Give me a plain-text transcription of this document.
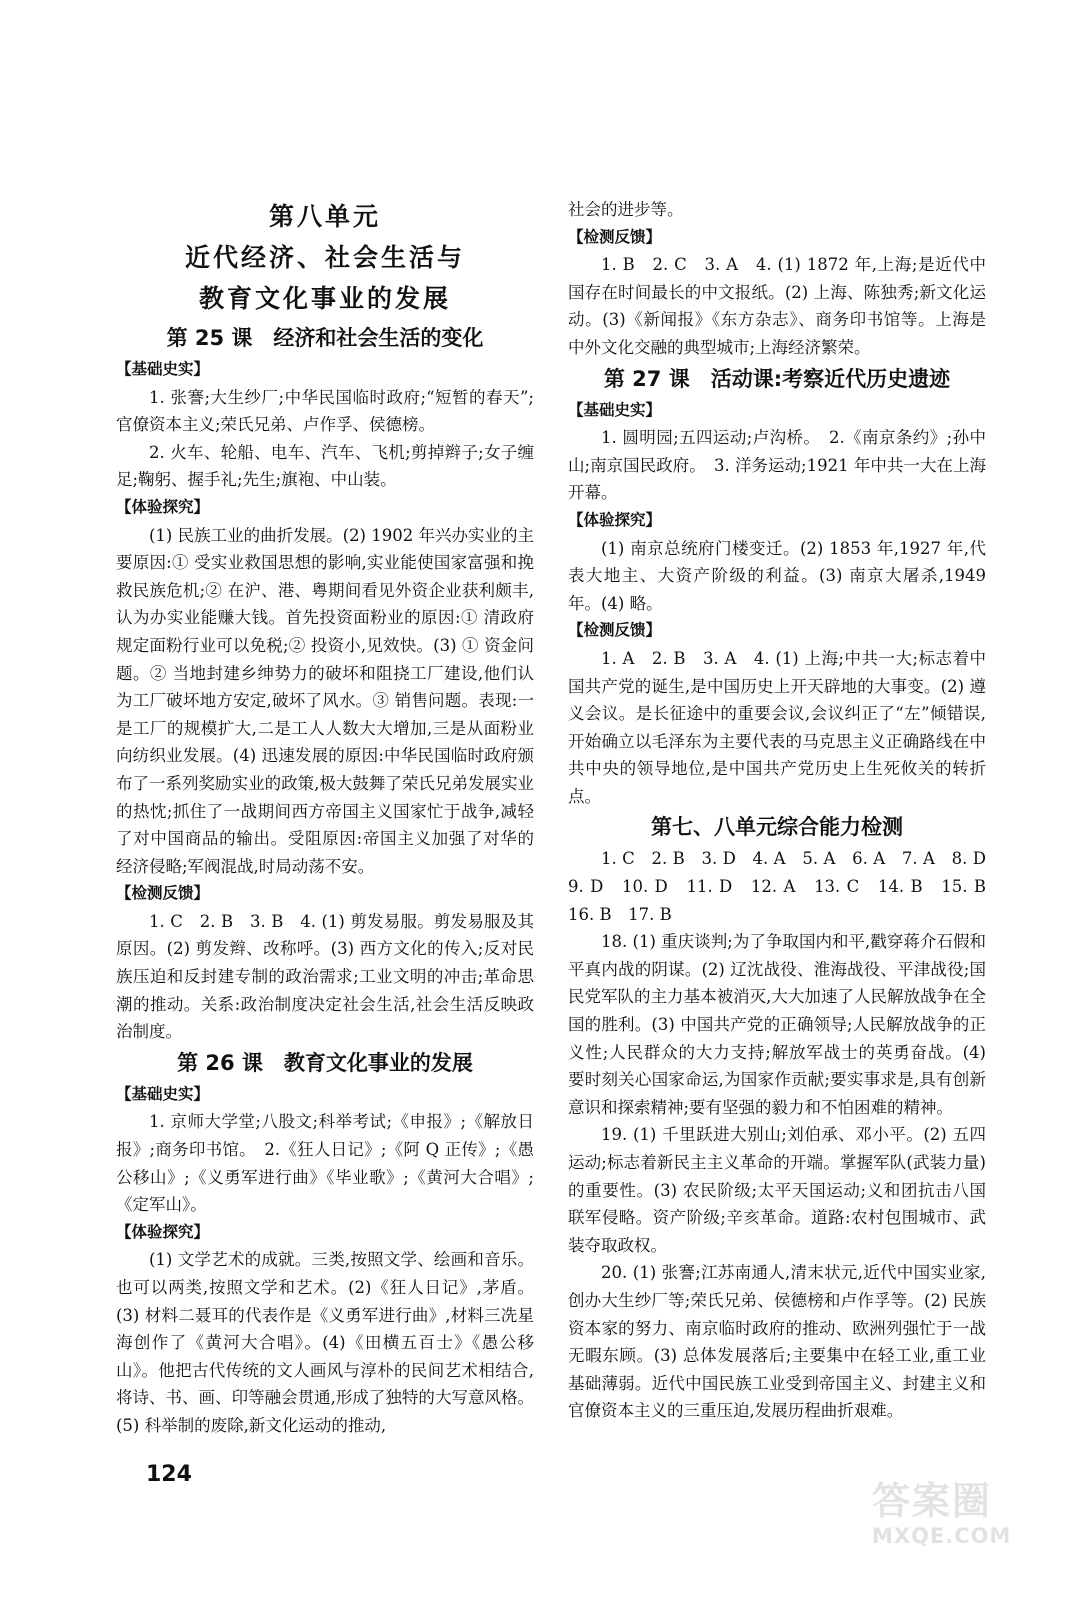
第八单元

近代经济、社会生活与

教育文化事业的发展

第 25 课　经济和社会生活的变化

【基础史实】

1. 张謇;大生纱厂;中华民国临时政府;“短暂的春天”;官僚资本主义;荣氏兄弟、卢作孚、侯德榜。

2. 火车、轮船、电车、汽车、飞机;剪掉辫子;女子缠足;鞠躬、握手礼;先生;旗袍、中山装。

【体验探究】

(1) 民族工业的曲折发展。(2) 1902 年兴办实业的主要原因:① 受实业救国思想的影响,实业能使国家富强和挽救民族危机;② 在沪、港、粤期间看见外资企业获利颇丰,认为办实业能赚大钱。首先投资面粉业的原因:① 清政府规定面粉行业可以免税;② 投资小,见效快。(3) ① 资金问题。② 当地封建乡绅势力的破坏和阻挠工厂建设,他们认为工厂破坏地方安定,破坏了风水。③ 销售问题。表现:一是工厂的规模扩大,二是工人人数大大增加,三是从面粉业向纺织业发展。(4) 迅速发展的原因:中华民国临时政府颁布了一系列奖励实业的政策,极大鼓舞了荣氏兄弟发展实业的热忱;抓住了一战期间西方帝国主义国家忙于战争,减轻了对中国商品的输出。受阻原因:帝国主义加强了对华的经济侵略;军阀混战,时局动荡不安。

【检测反馈】

1. C　2. B　3. B　4. (1) 剪发易服。剪发易服及其原因。(2) 剪发辫、改称呼。(3) 西方文化的传入;反对民族压迫和反封建专制的政治需求;工业文明的冲击;革命思潮的推动。关系:政治制度决定社会生活,社会生活反映政治制度。

第 26 课　教育文化事业的发展

【基础史实】

1. 京师大学堂;八股文;科举考试;《申报》;《解放日报》;商务印书馆。　2.《狂人日记》;《阿 Q 正传》;《愚公移山》;《义勇军进行曲》《毕业歌》;《黄河大合唱》;《定军山》。

【体验探究】

(1) 文学艺术的成就。三类,按照文学、绘画和音乐。也可以两类,按照文学和艺术。(2)《狂人日记》,茅盾。(3) 材料二聂耳的代表作是《义勇军进行曲》,材料三冼星海创作了《黄河大合唱》。(4)《田横五百士》《愚公移山》。他把古代传统的文人画风与淳朴的民间艺术相结合,将诗、书、画、印等融会贯通,形成了独特的大写意风格。(5) 科举制的废除,新文化运动的推动,

社会的进步等。

【检测反馈】

1. B　2. C　3. A　4. (1) 1872 年,上海;是近代中国存在时间最长的中文报纸。(2) 上海、陈独秀;新文化运动。(3)《新闻报》《东方杂志》、商务印书馆等。上海是中外文化交融的典型城市;上海经济繁荣。

第 27 课　活动课:考察近代历史遗迹

【基础史实】

1. 圆明园;五四运动;卢沟桥。　2.《南京条约》;孙中山;南京国民政府。　3. 洋务运动;1921 年中共一大在上海开幕。

【体验探究】

(1) 南京总统府门楼变迁。(2) 1853 年,1927 年,代表大地主、大资产阶级的利益。(3) 南京大屠杀,1949 年。(4) 略。

【检测反馈】

1. A　2. B　3. A　4. (1) 上海;中共一大;标志着中国共产党的诞生,是中国历史上开天辟地的大事变。(2) 遵义会议。是长征途中的重要会议,会议纠正了“左”倾错误,开始确立以毛泽东为主要代表的马克思主义正确路线在中共中央的领导地位,是中国共产党历史上生死攸关的转折点。

第七、八单元综合能力检测

1. C　2. B　3. D　4. A　5. A　6. A　7. A　8. D　9. D　10. D　11. D　12. A　13. C　14. B　15. B　16. B　17. B

18. (1) 重庆谈判;为了争取国内和平,戳穿蒋介石假和平真内战的阴谋。(2) 辽沈战役、淮海战役、平津战役;国民党军队的主力基本被消灭,大大加速了人民解放战争在全国的胜利。(3) 中国共产党的正确领导;人民解放战争的正义性;人民群众的大力支持;解放军战士的英勇奋战。(4) 要时刻关心国家命运,为国家作贡献;要实事求是,具有创新意识和探索精神;要有坚强的毅力和不怕困难的精神。

19. (1) 千里跃进大别山;刘伯承、邓小平。(2) 五四运动;标志着新民主主义革命的开端。掌握军队(武装力量)的重要性。(3) 农民阶级;太平天国运动;义和团抗击八国联军侵略。资产阶级;辛亥革命。道路:农村包围城市、武装夺取政权。

20. (1) 张謇;江苏南通人,清末状元,近代中国实业家,创办大生纱厂等;荣氏兄弟、侯德榜和卢作孚等。(2) 民族资本家的努力、南京临时政府的推动、欧洲列强忙于一战无暇东顾。(3) 总体发展落后;主要集中在轻工业,重工业基础薄弱。近代中国民族工业受到帝国主义、封建主义和官僚资本主义的三重压迫,发展历程曲折艰难。

124
答案圈
MXQE.COM
